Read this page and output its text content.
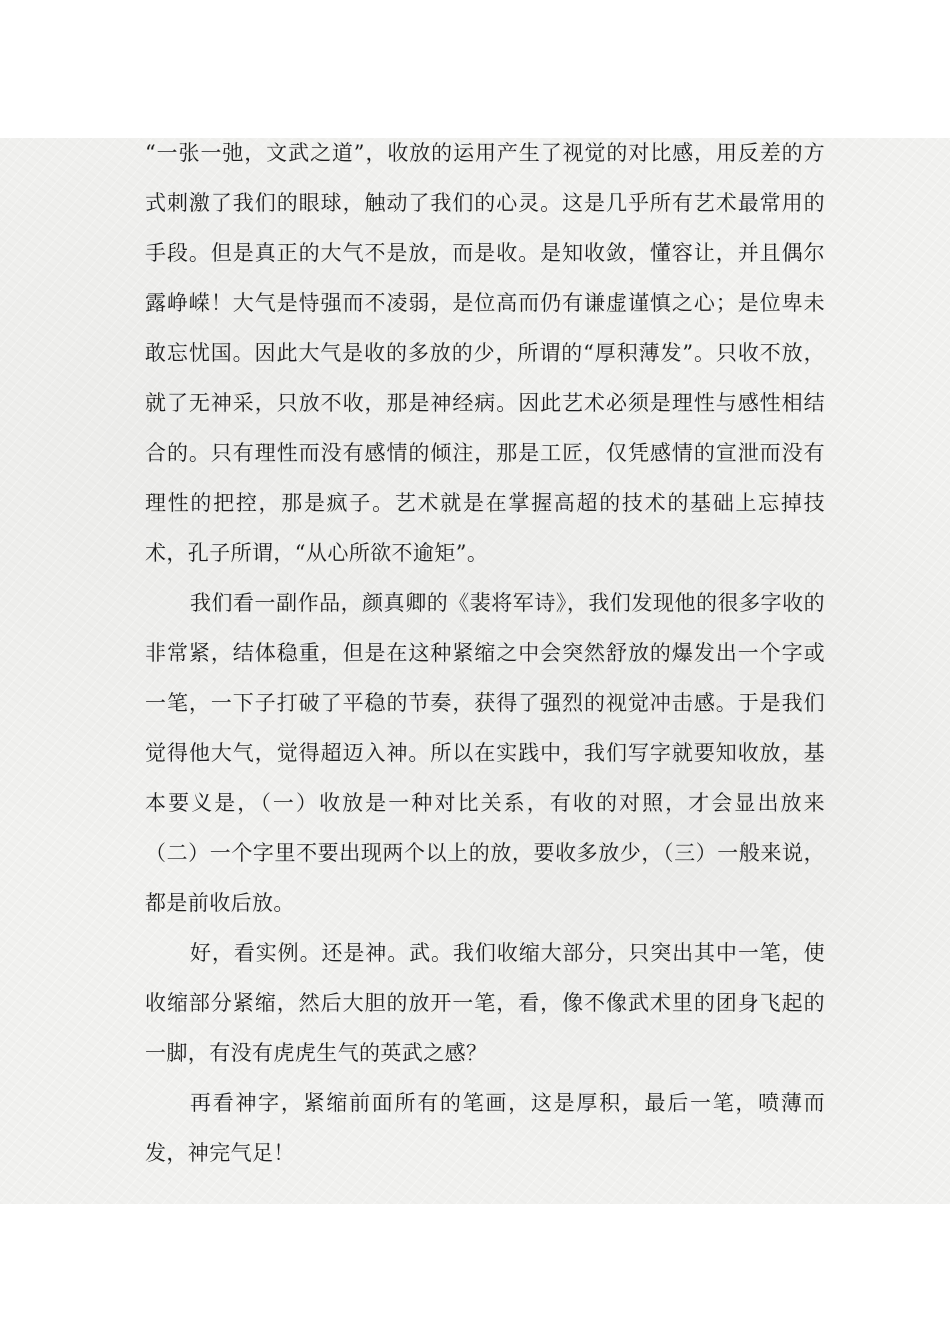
“一张一弛，文武之道”，收放的运用产生了视觉的对比感，用反差的方式刺激了我们的眼球，触动了我们的心灵。这是几乎所有艺术最常用的手段。但是真正的大气不是放，而是收。是知收敛，懂容让，并且偶尔露峥嵘！大气是恃强而不凌弱，是位高而仍有谦虚谨慎之心；是位卑未敢忘忧国。因此大气是收的多放的少，所谓的“厚积薄发”。只收不放，就了无神采，只放不收，那是神经病。因此艺术必须是理性与感性相结合的。只有理性而没有感情的倾注，那是工匠，仅凭感情的宣泄而没有理性的把控，那是疯子。艺术就是在掌握高超的技术的基础上忘掉技术，孔子所谓，“从心所欲不逾矩”。

我们看一副作品，颜真卿的《裴将军诗》，我们发现他的很多字收的非常紧，结体稳重，但是在这种紧缩之中会突然舒放的爆发出一个字或一笔，一下子打破了平稳的节奏，获得了强烈的视觉冲击感。于是我们觉得他大气，觉得超迈入神。所以在实践中，我们写字就要知收放，基本要义是，（一）收放是一种对比关系，有收的对照，才会显出放来（二）一个字里不要出现两个以上的放，要收多放少，（三）一般来说，都是前收后放。

好，看实例。还是神。武。我们收缩大部分，只突出其中一笔，使收缩部分紧缩，然后大胆的放开一笔，看，像不像武术里的团身飞起的一脚，有没有虎虎生气的英武之感？

再看神字，紧缩前面所有的笔画，这是厚积，最后一笔，喷薄而发，神完气足！
